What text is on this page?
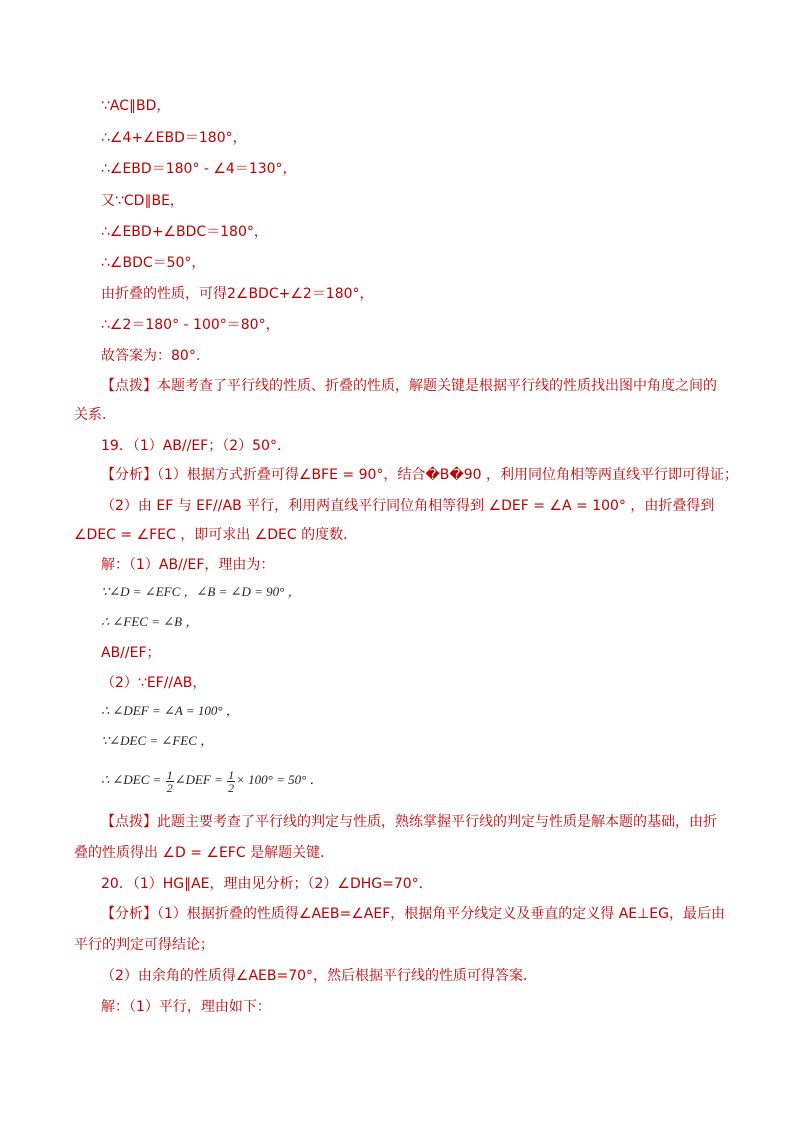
∵AC∥BD，
∴∠4+∠EBD＝180°，
∴∠EBD＝180° - ∠4＝130°，
又∵CD∥BE，
∴∠EBD+∠BDC＝180°，
∴∠BDC＝50°，
由折叠的性质，可得2∠BDC+∠2＝180°，
∴∠2＝180° - 100°＝80°，
故答案为：80°.
【点拨】本题考查了平行线的性质、折叠的性质，解题关键是根据平行线的性质找出图中角度之间的
关系．
19．（1）AB//EF；（2）50°．
【分析】（1）根据方式折叠可得∠BFE = 90°，结合�B�90 ，利用同位角相等两直线平行即可得证；
（2）由 EF 与 EF//AB 平行，利用两直线平行同位角相等得到 ∠DEF = ∠A = 100° ，由折叠得到
∠DEC = ∠FEC ，即可求出 ∠DEC 的度数．
解：（1）AB//EF，理由为：
∵∠D = ∠EFC ，∠B = ∠D = 90° ，
∴ ∠FEC = ∠B ，
AB//EF；
（2）∵EF//AB，
∴ ∠DEF = ∠A = 100° ，
∵∠DEC = ∠FEC ，
∴ ∠DEC = $\frac{1}{2}$ ∠DEF = $\frac{1}{2} \times 100^\circ = 50^\circ$ ．
【点拨】此题主要考查了平行线的判定与性质，熟练掌握平行线的判定与性质是解本题的基础，由折
叠的性质得出 ∠D = ∠EFC 是解题关键．
20．（1）HG∥AE，理由见分析；（2）∠DHG=70°．
【分析】（1）根据折叠的性质得∠AEB=∠AEF，根据角平分线定义及垂直的定义得 AE⊥EG，最后由
平行的判定可得结论；
（2）由余角的性质得∠AEB=70°，然后根据平行线的性质可得答案．
解：（1）平行，理由如下：
